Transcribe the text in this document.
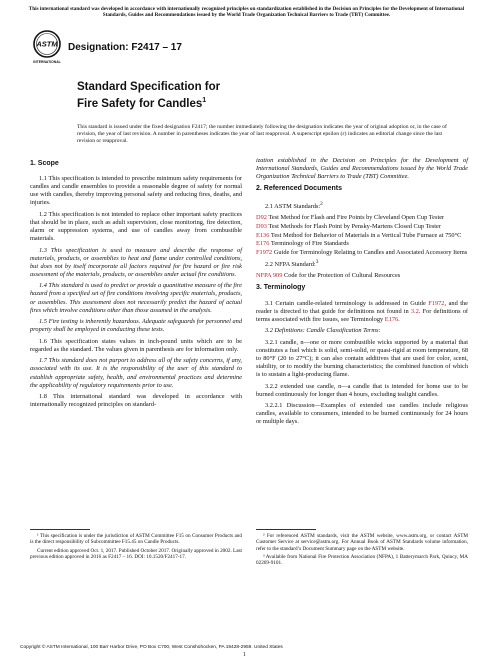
This international standard was developed in accordance with internationally recognized principles on standardization established in the Decision on Principles for the Development of International Standards, Guides and Recommendations issued by the World Trade Organization Technical Barriers to Trade (TBT) Committee.
ASTM
INTERNATIONAL
Designation: F2417 – 17
Standard Specification for
Fire Safety for Candles$^1$
This standard is issued under the fixed designation F2417; the number immediately following the designation indicates the year of original adoption or, in the case of revision, the year of last revision. A number in parentheses indicates the year of last reapproval. A superscript epsilon (ε) indicates an editorial change since the last revision or reapproval.
1. Scope

1.1 This specification is intended to prescribe minimum safety requirements for candles and candle ensembles to provide a reasonable degree of safety for normal use with candles, thereby improving personal safety and reducing fires, deaths, and injuries.

1.2 This specification is not intended to replace other important safety practices that should be in place, such as adult supervision, close monitoring, fire detection, alarm or suppression systems, and use of candles away from combustible materials.

1.3 This specification is used to measure and describe the response of materials, products, or assemblies to heat and flame under controlled conditions, but does not by itself incorporate all factors required for fire hazard or fire risk assessment of the materials, products, or assemblies under actual fire conditions.

1.4 This standard is used to predict or provide a quantitative measure of the fire hazard from a specified set of fire conditions involving specific materials, products, or assemblies. This assessment does not necessarily predict the hazard of actual fires which involve conditions other than those assumed in the analysis.

1.5 Fire testing is inherently hazardous. Adequate safeguards for personnel and property shall be employed in conducting these tests.

1.6 This specification states values in inch-pound units which are to be regarded as the standard. The values given in parenthesis are for information only.

1.7 This standard does not purport to address all of the safety concerns, if any, associated with its use. It is the responsibility of the user of this standard to establish appropriate safety, health, and environmental practices and determine the applicability of regulatory requirements prior to use.

1.8 This international standard was developed in accordance with internationally recognized principles on standard-

ization established in the Decision on Principles for the Development of International Standards, Guides and Recommendations issued by the World Trade Organization Technical Barriers to Trade (TBT) Committee.

2. Referenced Documents

2.1 ASTM Standards:$^2$

D92 Test Method for Flash and Fire Points by Cleveland Open Cup Tester
D93 Test Methods for Flash Point by Pensky-Martens Closed Cup Tester
E136 Test Method for Behavior of Materials in a Vertical Tube Furnace at 750°C
E176 Terminology of Fire Standards
F1972 Guide for Terminology Relating to Candles and Associated Accessory Items

2.2 NFPA Standard:$^3$

NFPA 909 Code for the Protection of Cultural Resources
3. Terminology

3.1 Certain candle-related terminology is addressed in Guide F1972, and the reader is directed to that guide for definitions not found in 3.2. For definitions of terms associated with fire issues, see Terminology E176.

3.2 Definitions: Candle Classification Terms:

3.2.1 candle, n—one or more combustible wicks supported by a material that constitutes a fuel which is solid, semi-solid, or quasi-rigid at room temperature, 68 to 80°F (20 to 27°C); it can also contain additives that are used for color, scent, stability, or to modify the burning characteristics; the combined function of which is to sustain a light-producing flame.

3.2.2 extended use candle, n—a candle that is intended for home use to be burned continuously for longer than 4 hours, excluding tealight candles.

3.2.2.1 Discussion—Examples of extended use candles include religious candles, available to consumers, intended to be burned continuously for 24 hours or multiple days.

¹ This specification is under the jurisdiction of ASTM Committee F15 on Consumer Products and is the direct responsibility of Subcommittee F15.45 on Candle Products.

Current edition approved Oct. 1, 2017. Published October 2017. Originally approved in 2002. Last previous edition approved in 2016 as F2417 – 16. DOI: 10.1520/F2417-17.

² For referenced ASTM standards, visit the ASTM website, www.astm.org, or contact ASTM Customer Service at service@astm.org. For Annual Book of ASTM Standards volume information, refer to the standard’s Document Summary page on the ASTM website.

³ Available from National Fire Protection Association (NFPA), 1 Batterymarch Park, Quincy, MA 02269-9101.

Copyright © ASTM International, 100 Barr Harbor Drive, PO Box C700, West Conshohocken, PA 19428-2959. United States
1
